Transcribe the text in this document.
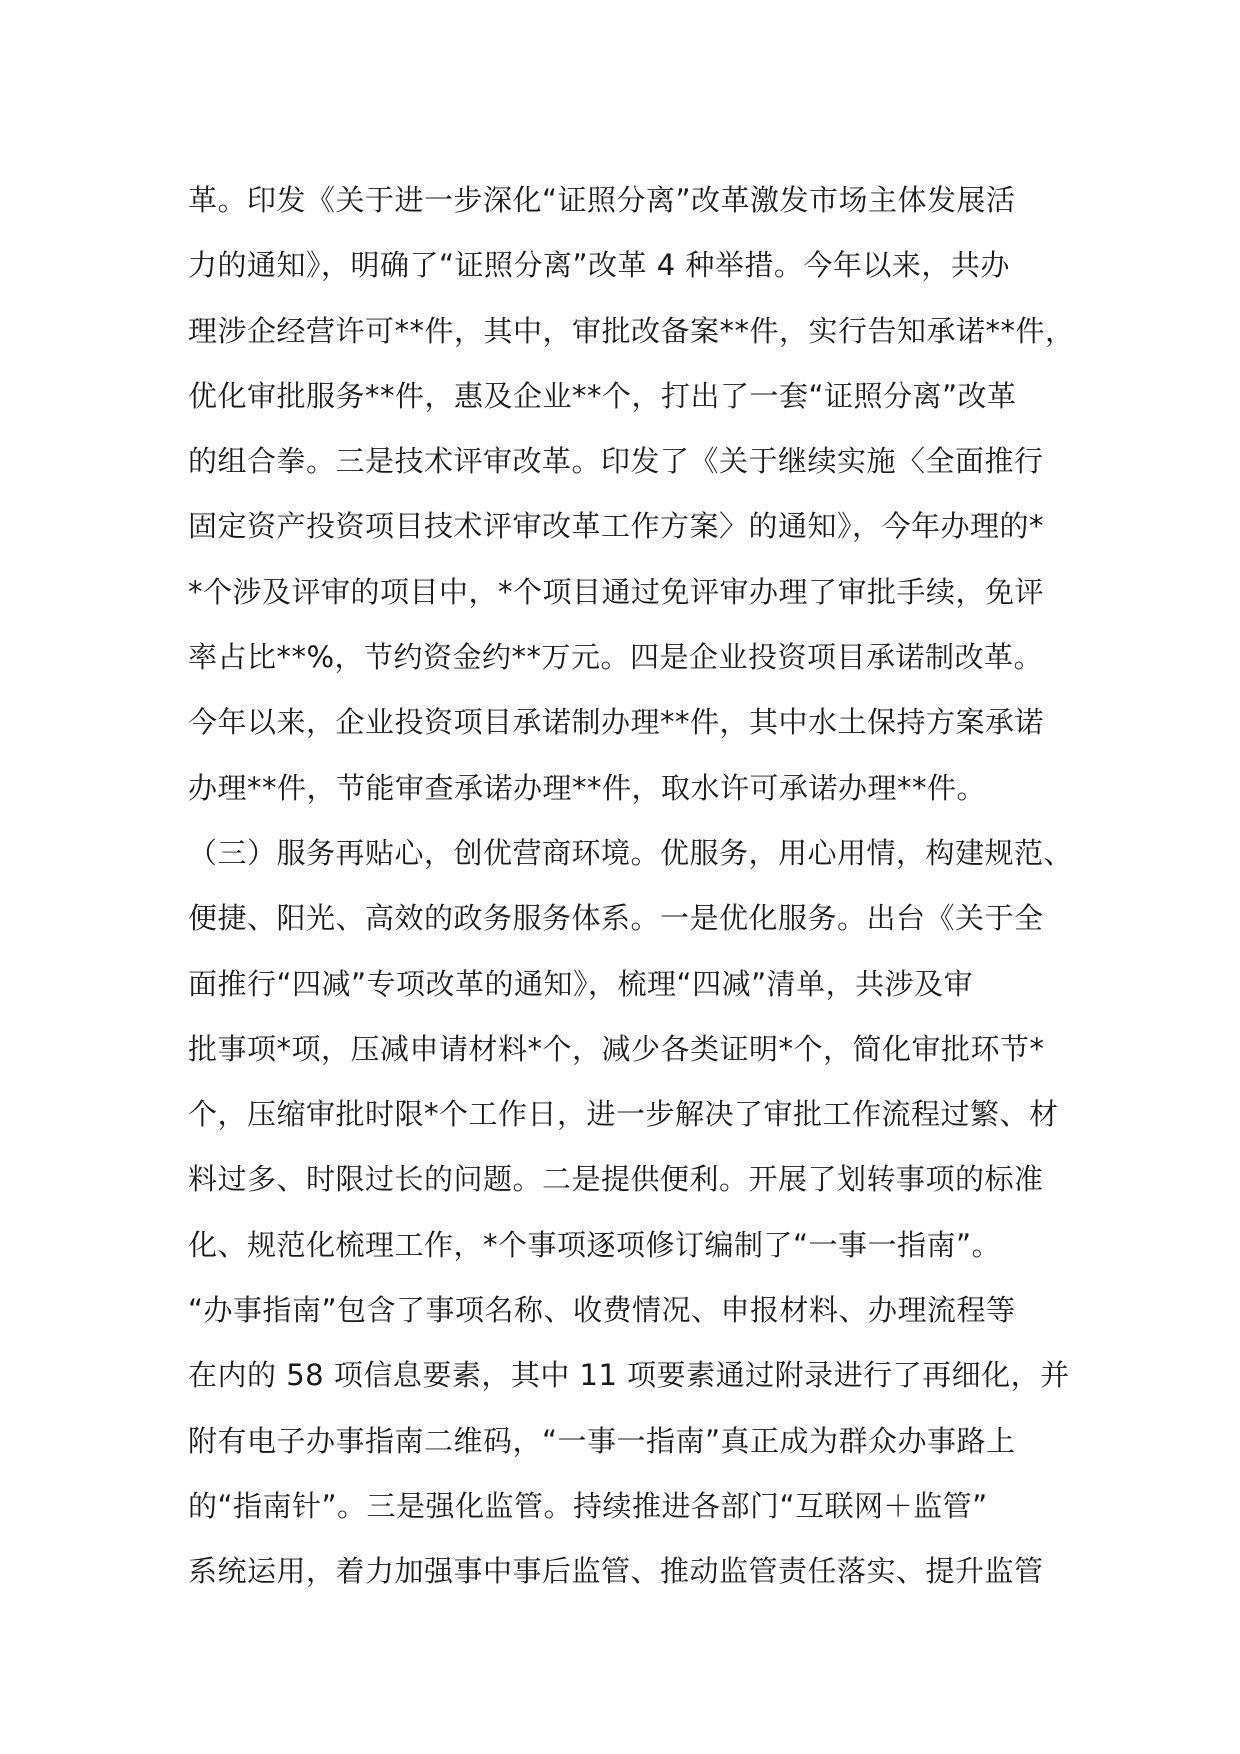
革。印发《关于进一步深化“证照分离”改革激发市场主体发展活
力的通知》，明确了“证照分离”改革 4 种举措。今年以来，共办
理涉企经营许可**件，其中，审批改备案**件，实行告知承诺**件，
优化审批服务**件，惠及企业**个，打出了一套“证照分离”改革
的组合拳。三是技术评审改革。印发了《关于继续实施〈全面推行
固定资产投资项目技术评审改革工作方案〉的通知》，今年办理的*
*个涉及评审的项目中，*个项目通过免评审办理了审批手续，免评
率占比**%，节约资金约**万元。四是企业投资项目承诺制改革。
今年以来，企业投资项目承诺制办理**件，其中水土保持方案承诺
办理**件，节能审查承诺办理**件，取水许可承诺办理**件。
（三）服务再贴心，创优营商环境。优服务，用心用情，构建规范、
便捷、阳光、高效的政务服务体系。一是优化服务。出台《关于全
面推行“四减”专项改革的通知》，梳理“四减”清单，共涉及审
批事项*项，压减申请材料*个，减少各类证明*个，简化审批环节*
个，压缩审批时限*个工作日，进一步解决了审批工作流程过繁、材
料过多、时限过长的问题。二是提供便利。开展了划转事项的标准
化、规范化梳理工作，*个事项逐项修订编制了“一事一指南”。
“办事指南”包含了事项名称、收费情况、申报材料、办理流程等
在内的 58 项信息要素，其中 11 项要素通过附录进行了再细化，并
附有电子办事指南二维码，“一事一指南”真正成为群众办事路上
的“指南针”。三是强化监管。持续推进各部门“互联网＋监管”
系统运用，着力加强事中事后监管、推动监管责任落实、提升监管
